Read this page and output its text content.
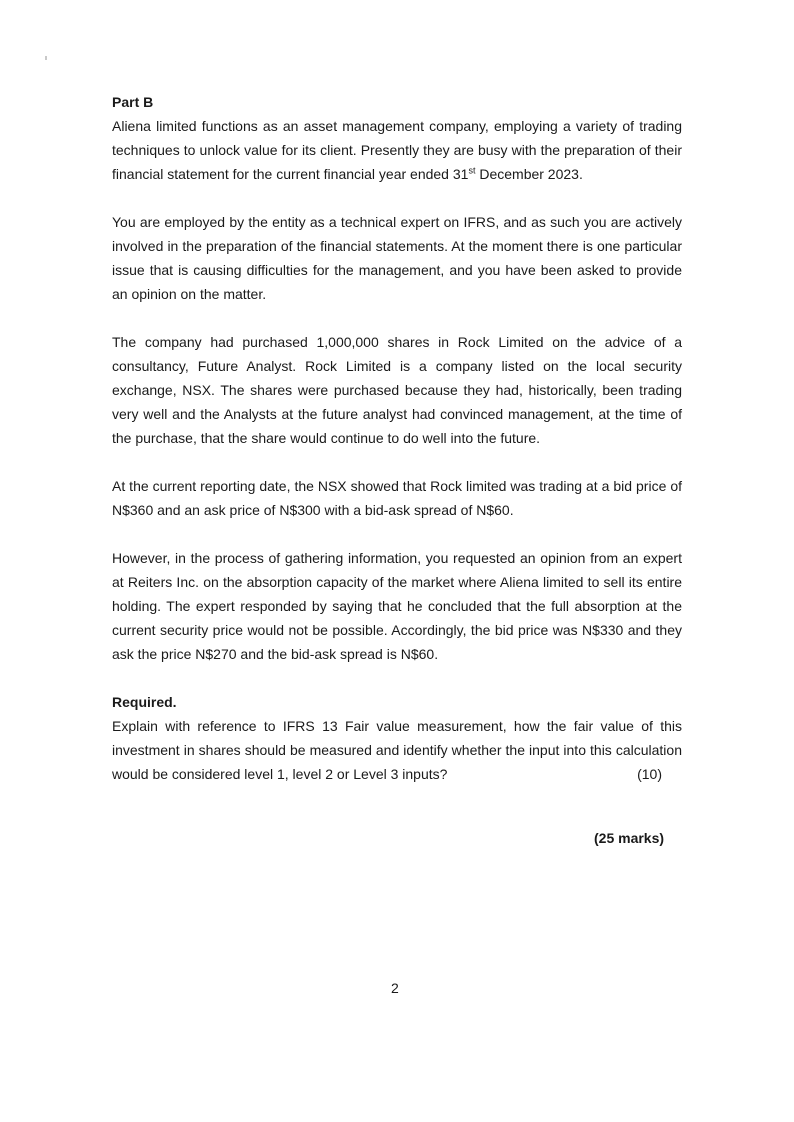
Part B

Aliena limited functions as an asset management company, employing a variety of trading techniques to unlock value for its client. Presently they are busy with the preparation of their financial statement for the current financial year ended 31st December 2023.

You are employed by the entity as a technical expert on IFRS, and as such you are actively involved in the preparation of the financial statements. At the moment there is one particular issue that is causing difficulties for the management, and you have been asked to provide an opinion on the matter.

The company had purchased 1,000,000 shares in Rock Limited on the advice of a consultancy, Future Analyst. Rock Limited is a company listed on the local security exchange, NSX. The shares were purchased because they had, historically, been trading very well and the Analysts at the future analyst had convinced management, at the time of the purchase, that the share would continue to do well into the future.

At the current reporting date, the NSX showed that Rock limited was trading at a bid price of N$360 and an ask price of N$300 with a bid-ask spread of N$60.

However, in the process of gathering information, you requested an opinion from an expert at Reiters Inc. on the absorption capacity of the market where Aliena limited to sell its entire holding. The expert responded by saying that he concluded that the full absorption at the current security price would not be possible. Accordingly, the bid price was N$330 and they ask the price N$270 and the bid-ask spread is N$60.

Required.

Explain with reference to IFRS 13 Fair value measurement, how the fair value of this investment in shares should be measured and identify whether the input into this calculation would be considered level 1, level 2 or Level 3 inputs?	(10)

(25 marks)
2
